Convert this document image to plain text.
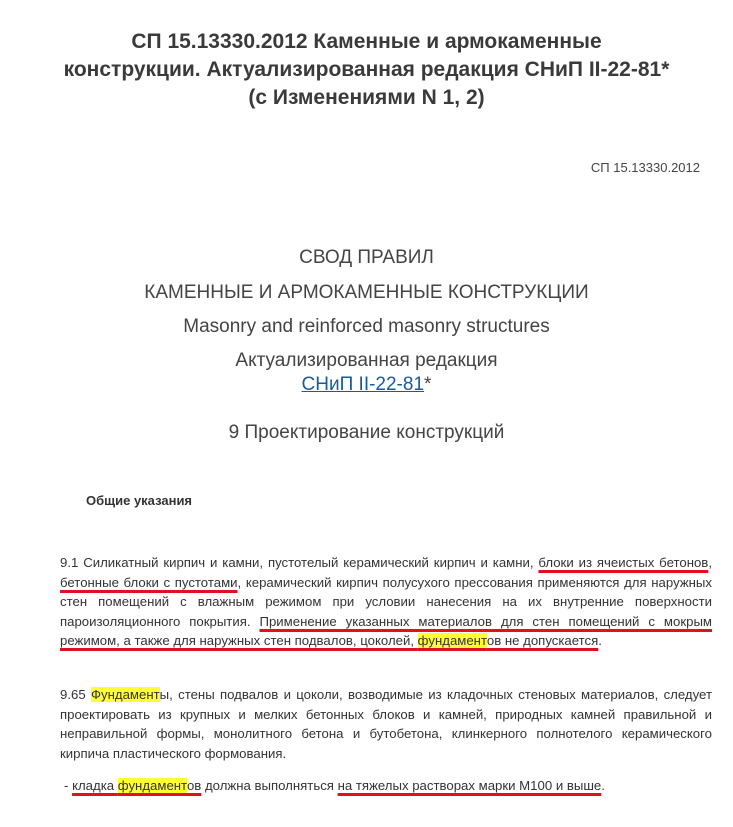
СП 15.13330.2012 Каменные и армокаменные
конструкции. Актуализированная редакция СНиП II-22-81*
(с Изменениями N 1, 2)
СП 15.13330.2012
СВОД ПРАВИЛ
КАМЕННЫЕ И АРМОКАМЕННЫЕ КОНСТРУКЦИИ
Masonry and reinforced masonry structures
Актуализированная редакция
СНиП II-22-81*
9 Проектирование конструкций
Общие указания
9.1 Силикатный кирпич и камни, пустотелый керамический кирпич и камни, блоки из ячеистых бетонов, бетонные блоки с пустотами, керамический кирпич полусухого прессования применяются для наружных стен помещений с влажным режимом при условии нанесения на их внутренние поверхности пароизоляционного покрытия. Применение указанных материалов для стен помещений с мокрым режимом, а также для наружных стен подвалов, цоколей, фундаментов не допускается.
9.65 Фундаменты, стены подвалов и цоколи, возводимые из кладочных стеновых материалов, следует проектировать из крупных и мелких бетонных блоков и камней, природных камней правильной и неправильной формы, монолитного бетона и бутобетона, клинкерного полнотелого керамического кирпича пластического формования.
- кладка фундаментов должна выполняться на тяжелых растворах марки М100 и выше.
